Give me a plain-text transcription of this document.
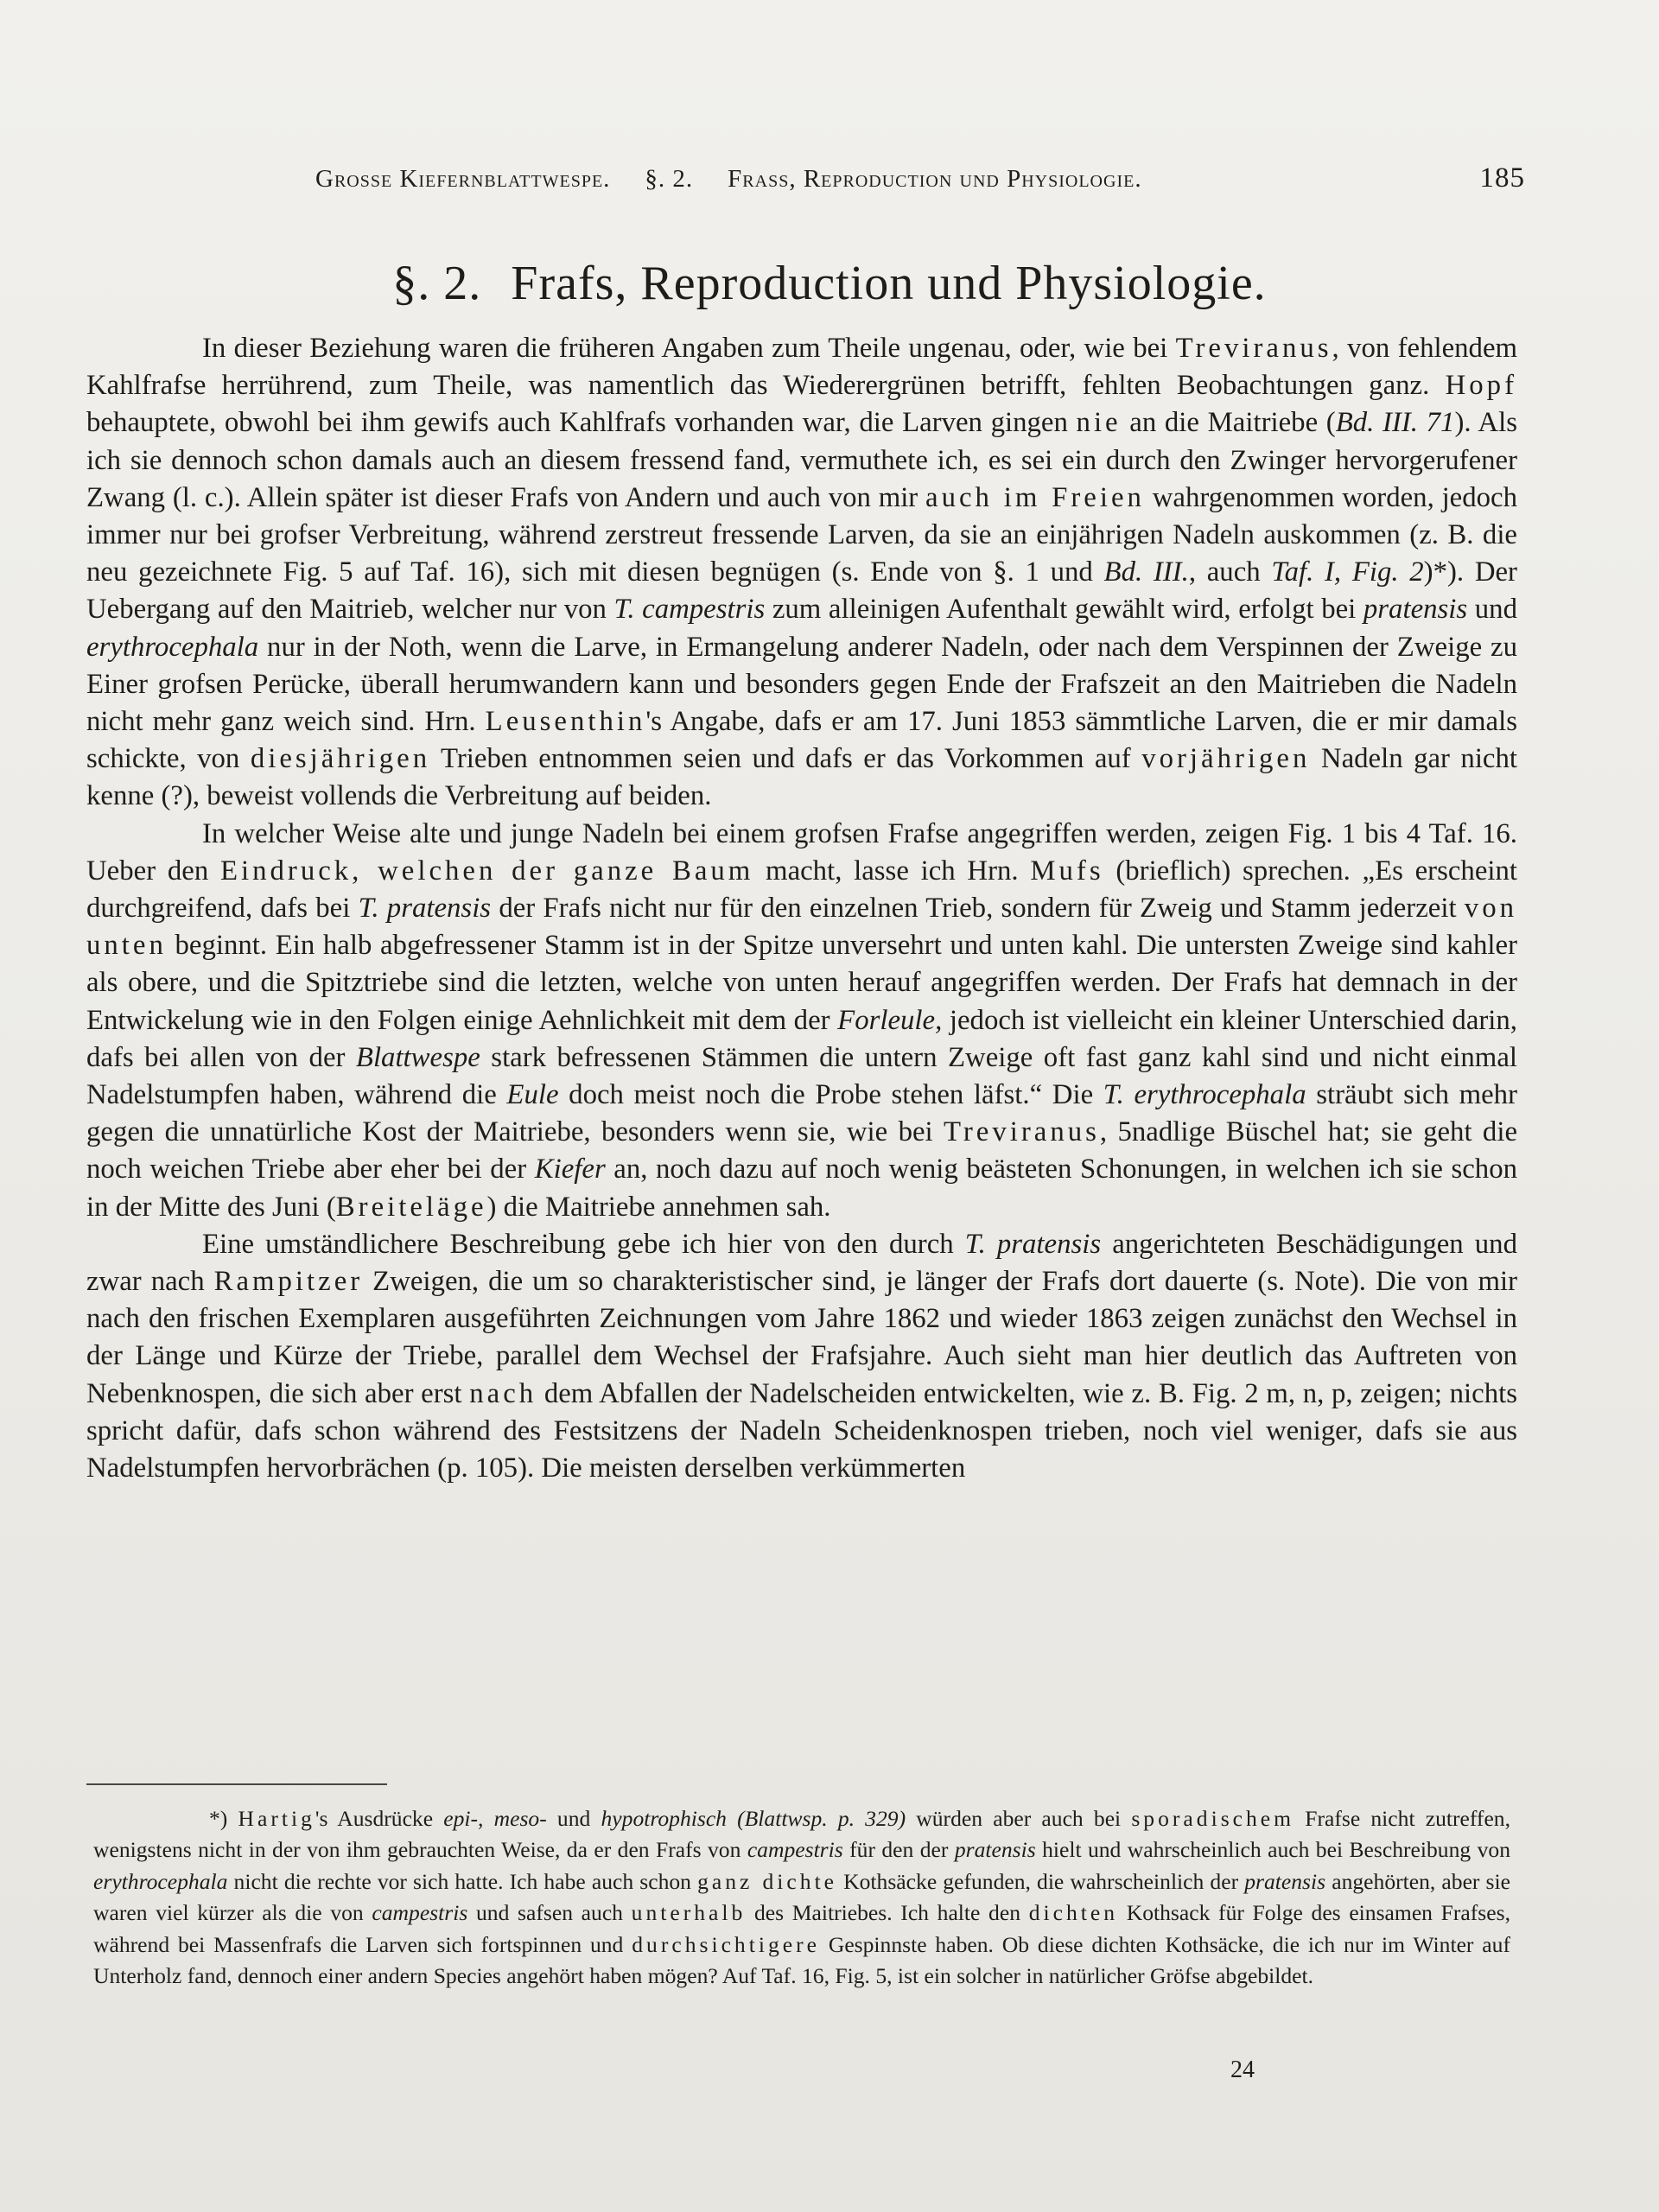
Grosse Kiefernblattwespe. §. 2. Frass, Reproduction und Physiologie.	185
§. 2. Frafs, Reproduction und Physiologie.

In dieser Beziehung waren die früheren Angaben zum Theile ungenau, oder, wie bei Treviranus, von fehlendem Kahlfrafse herrührend, zum Theile, was namentlich das Wiederergrünen betrifft, fehlten Beobachtungen ganz. Hopf behauptete, obwohl bei ihm gewifs auch Kahlfrafs vorhanden war, die Larven gingen nie an die Maitriebe (Bd. III. 71). Als ich sie dennoch schon damals auch an diesem fressend fand, vermuthete ich, es sei ein durch den Zwinger hervorgerufener Zwang (l. c.). Allein später ist dieser Frafs von Andern und auch von mir auch im Freien wahrgenommen worden, jedoch immer nur bei grofser Verbreitung, während zerstreut fressende Larven, da sie an einjährigen Nadeln auskommen (z. B. die neu gezeichnete Fig. 5 auf Taf. 16), sich mit diesen begnügen (s. Ende von §. 1 und Bd. III., auch Taf. I, Fig. 2)*). Der Uebergang auf den Maitrieb, welcher nur von T. campestris zum alleinigen Aufenthalt gewählt wird, erfolgt bei pratensis und erythrocephala nur in der Noth, wenn die Larve, in Ermangelung anderer Nadeln, oder nach dem Verspinnen der Zweige zu Einer grofsen Perücke, überall herumwandern kann und besonders gegen Ende der Frafszeit an den Maitrieben die Nadeln nicht mehr ganz weich sind. Hrn. Leusenthin's Angabe, dafs er am 17. Juni 1853 sämmtliche Larven, die er mir damals schickte, von diesjährigen Trieben entnommen seien und dafs er das Vorkommen auf vorjährigen Nadeln gar nicht kenne (?), beweist vollends die Verbreitung auf beiden.

In welcher Weise alte und junge Nadeln bei einem grofsen Frafse angegriffen werden, zeigen Fig. 1 bis 4 Taf. 16. Ueber den Eindruck, welchen der ganze Baum macht, lasse ich Hrn. Mufs (brieflich) sprechen. „Es erscheint durchgreifend, dafs bei T. pratensis der Frafs nicht nur für den einzelnen Trieb, sondern für Zweig und Stamm jederzeit von unten beginnt. Ein halb abgefressener Stamm ist in der Spitze unversehrt und unten kahl. Die untersten Zweige sind kahler als obere, und die Spitztriebe sind die letzten, welche von unten herauf angegriffen werden. Der Frafs hat demnach in der Entwickelung wie in den Folgen einige Aehnlichkeit mit dem der Forleule, jedoch ist vielleicht ein kleiner Unterschied darin, dafs bei allen von der Blattwespe stark befressenen Stämmen die untern Zweige oft fast ganz kahl sind und nicht einmal Nadelstumpfen haben, während die Eule doch meist noch die Probe stehen läfst.“ Die T. erythrocephala sträubt sich mehr gegen die unnatürliche Kost der Maitriebe, besonders wenn sie, wie bei Treviranus, 5nadlige Büschel hat; sie geht die noch weichen Triebe aber eher bei der Kiefer an, noch dazu auf noch wenig beästeten Schonungen, in welchen ich sie schon in der Mitte des Juni (Breiteläge) die Maitriebe annehmen sah.

Eine umständlichere Beschreibung gebe ich hier von den durch T. pratensis angerichteten Beschädigungen und zwar nach Rampitzer Zweigen, die um so charakteristischer sind, je länger der Frafs dort dauerte (s. Note). Die von mir nach den frischen Exemplaren ausgeführten Zeichnungen vom Jahre 1862 und wieder 1863 zeigen zunächst den Wechsel in der Länge und Kürze der Triebe, parallel dem Wechsel der Frafsjahre. Auch sieht man hier deutlich das Auftreten von Nebenknospen, die sich aber erst nach dem Abfallen der Nadelscheiden entwickelten, wie z. B. Fig. 2 m, n, p, zeigen; nichts spricht dafür, dafs schon während des Festsitzens der Nadeln Scheidenknospen trieben, noch viel weniger, dafs sie aus Nadelstumpfen hervorbrächen (p. 105). Die meisten derselben verkümmerten

*) Hartig's Ausdrücke epi-, meso- und hypotrophisch (Blattwsp. p. 329) würden aber auch bei sporadischem Frafse nicht zutreffen, wenigstens nicht in der von ihm gebrauchten Weise, da er den Frafs von campestris für den der pratensis hielt und wahrscheinlich auch bei Beschreibung von erythrocephala nicht die rechte vor sich hatte. Ich habe auch schon ganz dichte Kothsäcke gefunden, die wahrscheinlich der pratensis angehörten, aber sie waren viel kürzer als die von campestris und safsen auch unterhalb des Maitriebes. Ich halte den dichten Kothsack für Folge des einsamen Frafses, während bei Massenfrafs die Larven sich fortspinnen und durchsichtigere Gespinnste haben. Ob diese dichten Kothsäcke, die ich nur im Winter auf Unterholz fand, dennoch einer andern Species angehört haben mögen? Auf Taf. 16, Fig. 5, ist ein solcher in natürlicher Gröfse abgebildet.

24
